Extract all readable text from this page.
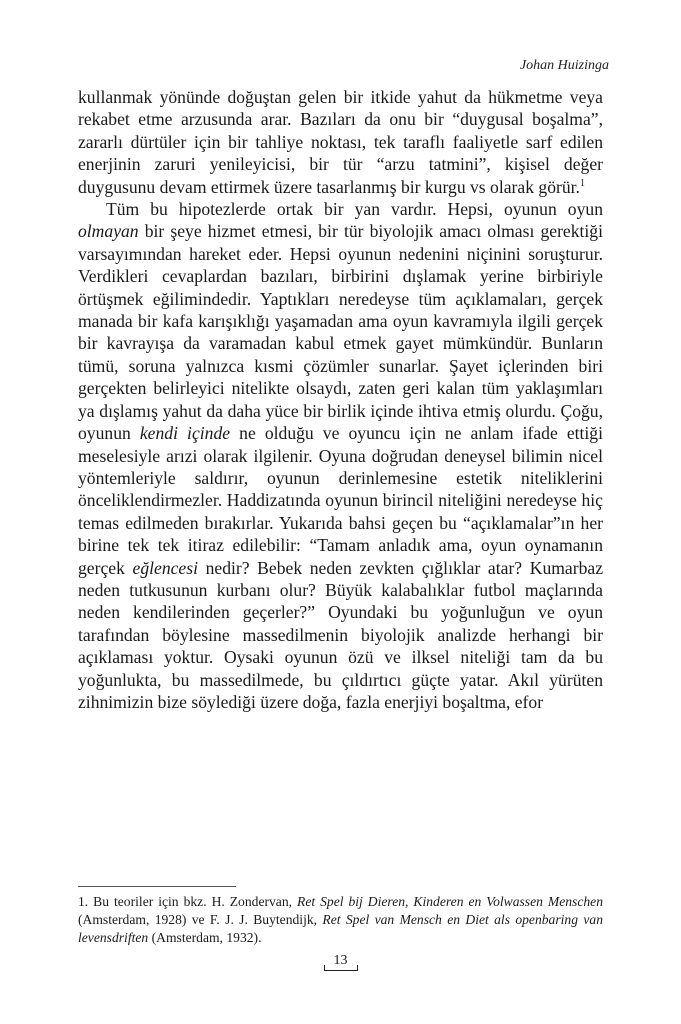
Johan Huizinga

kullanmak yönünde doğuştan gelen bir itkide yahut da hükmetme veya rekabet etme arzusunda arar. Bazıları da onu bir “duygusal boşalma”, zararlı dürtüler için bir tahliye noktası, tek taraflı faaliyetle sarf edilen enerjinin zaruri yenileyicisi, bir tür “arzu tatmini”, kişisel değer duygusunu devam ettirmek üzere tasarlanmış bir kurgu vs olarak görür.$^1$

Tüm bu hipotezlerde ortak bir yan vardır. Hepsi, oyunun oyun olmayan bir şeye hizmet etmesi, bir tür biyolojik amacı olması gerektiği varsayımından hareket eder. Hepsi oyunun nedenini niçinini soruşturur. Verdikleri cevaplardan bazıları, birbirini dışlamak yerine birbiriyle örtüşmek eğilimindedir. Yaptıkları neredeyse tüm açıklamaları, gerçek manada bir kafa karışıklığı yaşamadan ama oyun kavramıyla ilgili gerçek bir kavrayışa da varamadan kabul etmek gayet mümkündür. Bunların tümü, soruna yalnızca kısmi çözümler sunarlar. Şayet içlerinden biri gerçekten belirleyici nitelikte olsaydı, zaten geri kalan tüm yaklaşımları ya dışlamış yahut da daha yüce bir birlik içinde ihtiva etmiş olurdu. Çoğu, oyunun kendi içinde ne olduğu ve oyuncu için ne anlam ifade ettiği meselesiyle arızi olarak ilgilenir. Oyuna doğrudan deneysel bilimin nicel yöntemleriyle saldırır, oyunun derinlemesine estetik niteliklerini önceliklendirmezler. Haddizatında oyunun birincil niteliğini neredeyse hiç temas edilmeden bırakırlar. Yukarıda bahsi geçen bu “açıklamalar”ın her birine tek tek itiraz edilebilir: “Tamam anladık ama, oyun oynamanın gerçek eğlencesi nedir? Bebek neden zevkten çığlıklar atar? Kumarbaz neden tutkusunun kurbanı olur? Büyük kalabalıklar futbol maçlarında neden kendilerinden geçerler?” Oyundaki bu yoğunluğun ve oyun tarafından böylesine massedilmenin biyolojik analizde herhangi bir açıklaması yoktur. Oysaki oyunun özü ve ilksel niteliği tam da bu yoğunlukta, bu massedilmede, bu çıldırtıcı güçte yatar. Akıl yürüten zihnimizin bize söylediği üzere doğa, fazla enerjiyi boşaltma, efor

1. Bu teoriler için bkz. H. Zondervan, Ret Spel bij Dieren, Kinderen en Volwassen Menschen (Amsterdam, 1928) ve F. J. J. Buytendijk, Ret Spel van Mensch en Diet als openbaring van levensdriften (Amsterdam, 1932).

13
